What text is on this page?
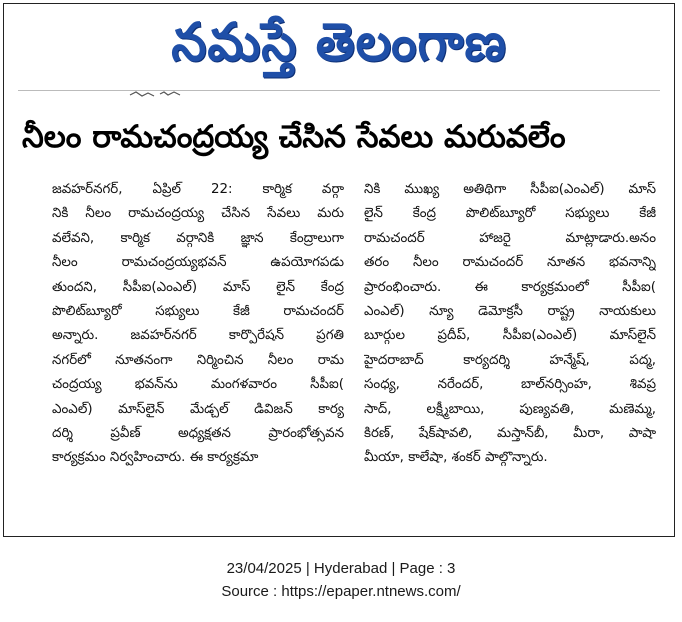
నమస్తే తెలంగాణ
నీలం రామచంద్రయ్య చేసిన సేవలు మరువలేం
జవహర్‌నగర్, ఏప్రిల్ 22: కార్మిక వర్గా
నికి నీలం రామచంద్రయ్య చేసిన సేవలు మరు
వలేవని, కార్మిక వర్గానికి జ్ఞాన కేంద్రాలుగా
నీలం రామచంద్రయ్యభవన్ ఉపయోగపడు
తుందని, సీపీఐ(ఎంఎల్) మాస్ లైన్ కేంద్ర
పొలిట్‌బ్యూరో సభ్యులు కేజీ రామచందర్
అన్నారు. జవహర్‌నగర్ కార్పొరేషన్ ప్రగతి
నగర్‌లో నూతనంగా నిర్మించిన నీలం రామ
చంద్రయ్య భవన్‌ను మంగళవారం సీపీఐ(
ఎంఎల్) మాస్‌లైన్ మేడ్చల్ డివిజన్ కార్య
దర్శి ప్రవీణ్ అధ్యక్షతన ప్రారంభోత్సవన
కార్యక్రమం నిర్వహించారు. ఈ కార్యక్రమా
నికి ముఖ్య అతిథిగా సీపీఐ(ఎంఎల్) మాస్
లైన్ కేంద్ర పొలిట్‌బ్యూరో సభ్యులు కేజీ
రామచందర్ హాజరై మాట్లాడారు.అనం
తరం నీలం రామచందర్ నూతన భవనాన్ని
ప్రారంభించారు. ఈ కార్యక్రమంలో సీపీఐ(
ఎంఎల్) న్యూ డెమోక్రసీ రాష్ట్ర నాయకులు
బూర్గుల ప్రదీప్, సీపీఐ(ఎంఎల్) మాస్‌లైన్
హైదరాబాద్ కార్యదర్శి హన్మేష్, పద్మ,
సంధ్య, నరేందర్, బాల్‌నర్సింహ, శివప్ర
సాద్, లక్ష్మీబాయి, పుణ్యవతి, మణెమ్మ,
కిరణ్, షేక్‌షావలి, మస్తాన్‌బీ, మీరా, పాషా
మీయా, కాలేషా, శంకర్ పాల్గొన్నారు.
23/04/2025 | Hyderabad | Page : 3
Source : https://epaper.ntnews.com/
